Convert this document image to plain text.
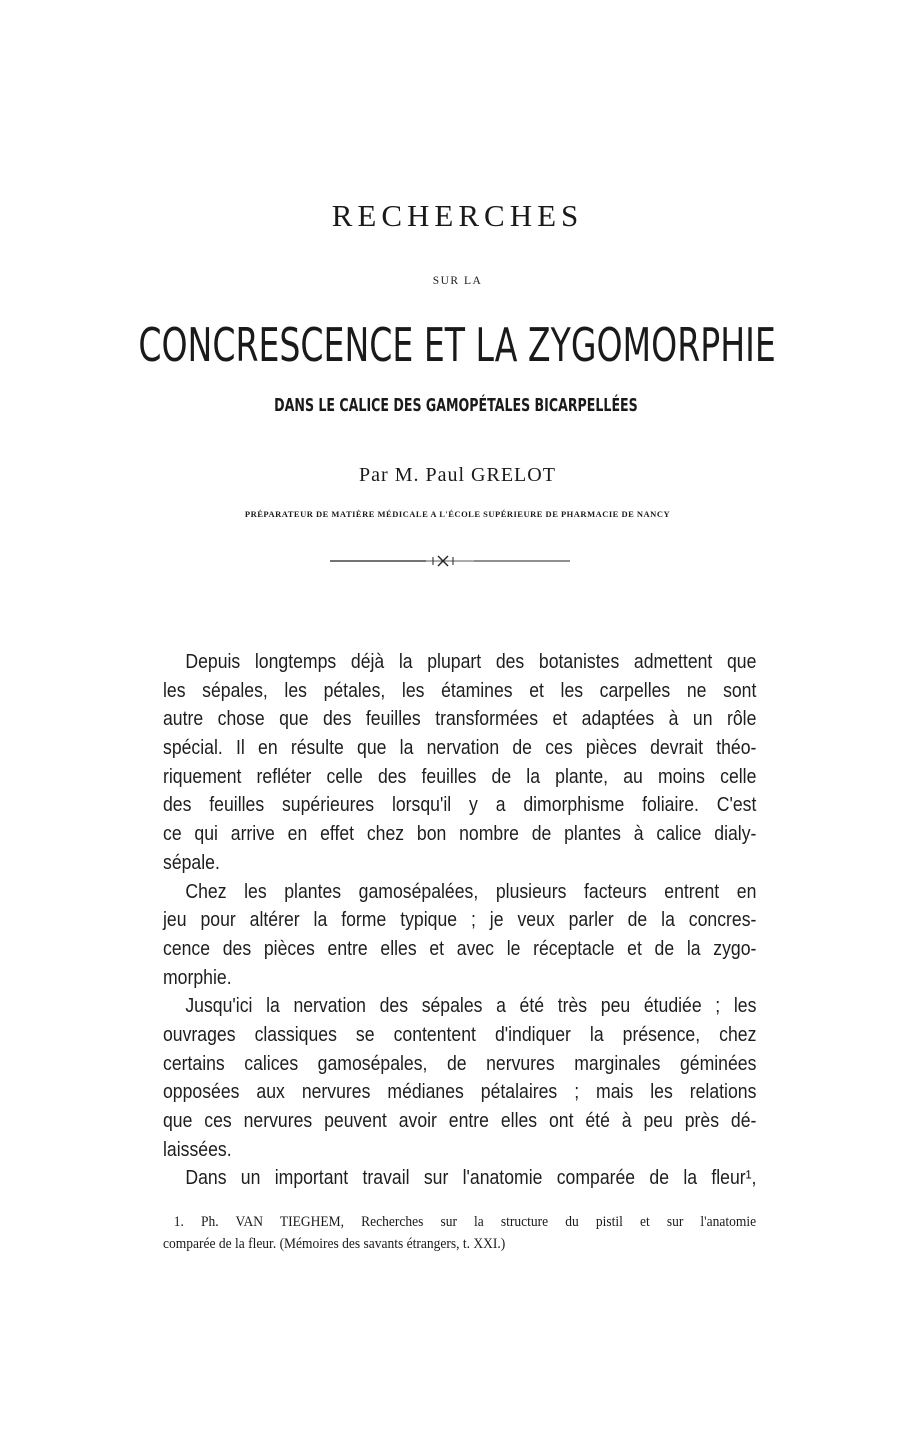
RECHERCHES
SUR LA
CONCRESCENCE ET LA ZYGOMORPHIE
DANS LE CALICE DES GAMOPÉTALES BICARPELLÉES
Par M. Paul GRELOT
PRÉPARATEUR DE MATIÈRE MÉDICALE A L'ÉCOLE SUPÉRIEURE DE PHARMACIE DE NANCY
Depuis longtemps déjà la plupart des botanistes admettent que
les sépales, les pétales, les étamines et les carpelles ne sont
autre chose que des feuilles transformées et adaptées à un rôle
spécial. Il en résulte que la nervation de ces pièces devrait théo-
riquement refléter celle des feuilles de la plante, au moins celle
des feuilles supérieures lorsqu'il y a dimorphisme foliaire. C'est
ce qui arrive en effet chez bon nombre de plantes à calice dialy-
sépale.
Chez les plantes gamosépalées, plusieurs facteurs entrent en
jeu pour altérer la forme typique ; je veux parler de la concres-
cence des pièces entre elles et avec le réceptacle et de la zygo-
morphie.
Jusqu'ici la nervation des sépales a été très peu étudiée ; les
ouvrages classiques se contentent d'indiquer la présence, chez
certains calices gamosépales, de nervures marginales géminées
opposées aux nervures médianes pétalaires ; mais les relations
que ces nervures peuvent avoir entre elles ont été à peu près dé-
laissées.
Dans un important travail sur l'anatomie comparée de la fleur¹,
1. Ph. VAN TIEGHEM, Recherches sur la structure du pistil et sur l'anatomie
comparée de la fleur. (Mémoires des savants étrangers, t. XXI.)
